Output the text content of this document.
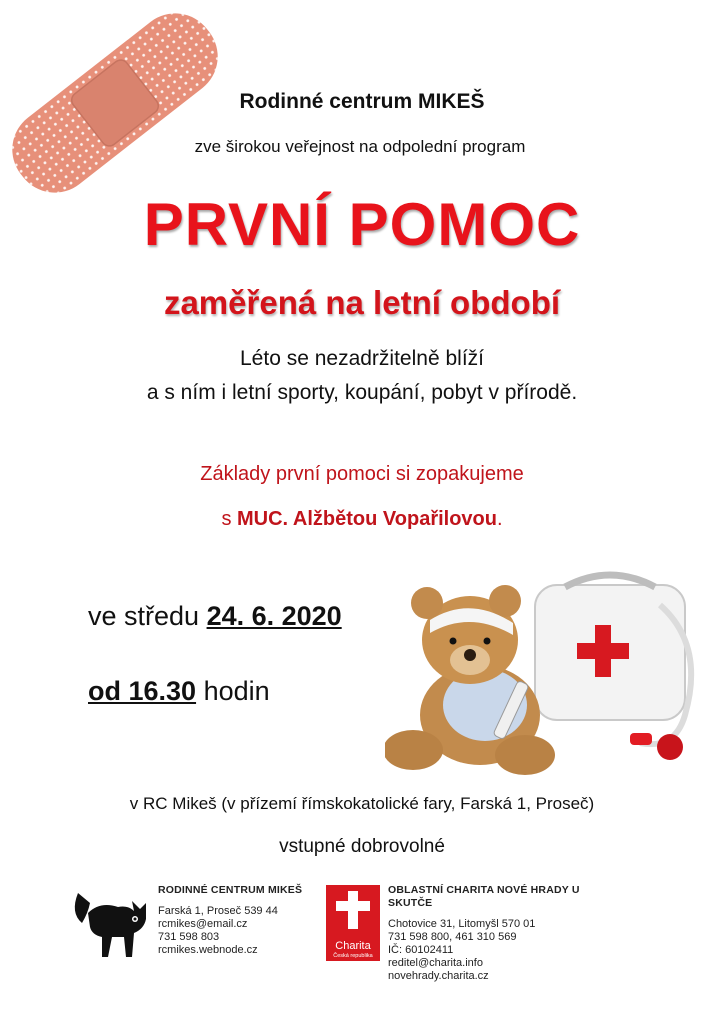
Rodinné centrum MIKEŠ
zve širokou veřejnost na odpolední program
PRVNÍ POMOC
zaměřená na letní období
Léto se nezadržitelně blíží
a s ním i letní sporty, koupání, pobyt v přírodě.
Základy první pomoci si zopakujeme
s MUC. Alžbětou Vopařilovou.
ve středu 24. 6. 2020
od 16.30 hodin
v RC Mikeš (v přízemí římskokatolické fary, Farská 1, Proseč)
vstupné dobrovolné
RODINNÉ CENTRUM MIKEŠ
Farská 1, Proseč 539 44
rcmikes@email.cz
731 598 803
rcmikes.webnode.cz	Charita
Česká republika
OBLASTNÍ CHARITA NOVÉ HRADY U SKUTČE
Chotovice 31, Litomyšl 570 01
731 598 800, 461 310 569
IČ: 60102411
reditel@charita.info
novehrady.charita.cz
